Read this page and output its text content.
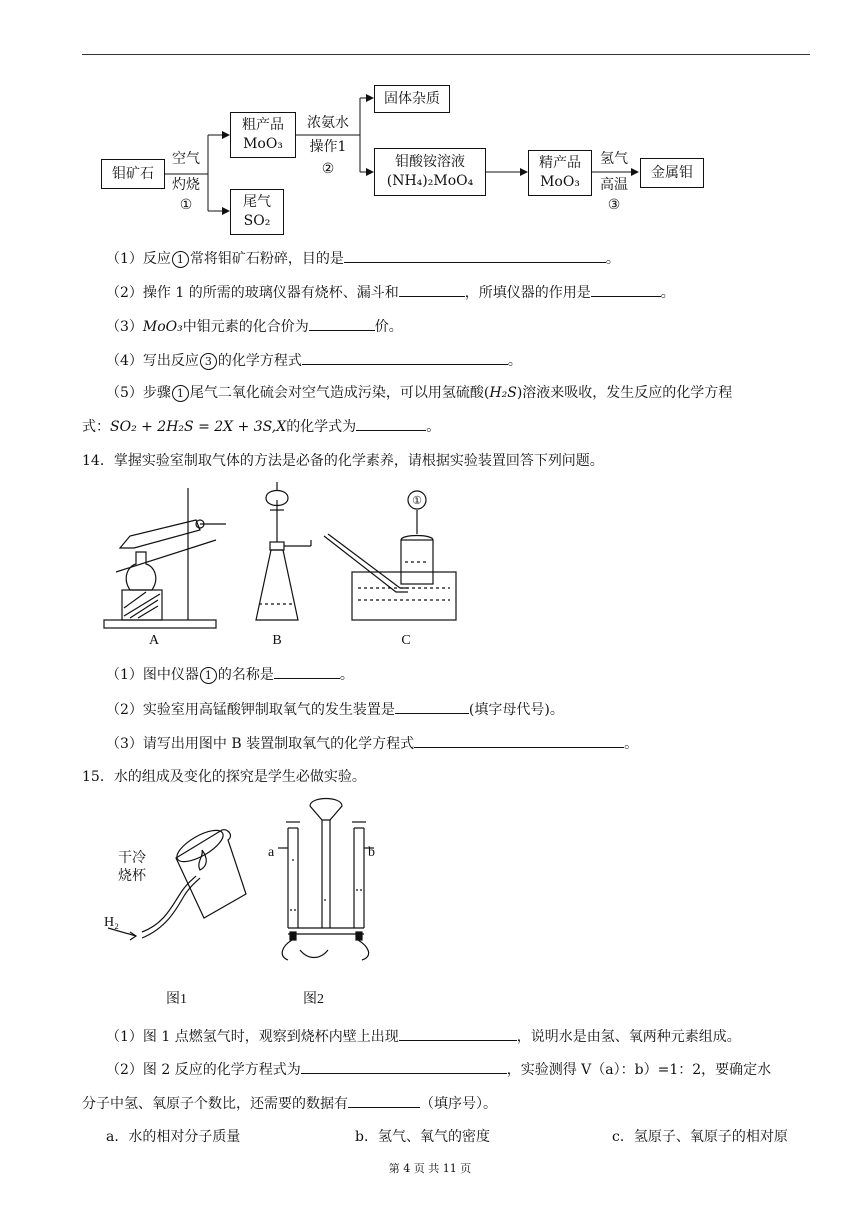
钼矿石
空气
灼烧
①
粗产品
MoO₃
尾气
SO₂
浓氨水
操作1
②
固体杂质
钼酸铵溶液
(NH₄)₂MoO₄
精产品
MoO₃
氢气
高温
③
金属钼
（1）反应 1 常将钼矿石粉碎，目的是	。
（2）操作 1 的所需的玻璃仪器有烧杯、漏斗和	，所填仪器的作用是	。
（3）MoO₃中钼元素的化合价为	价。
（4）写出反应 3 的化学方程式	。
（5）步骤 1 尾气二氧化硫会对空气造成污染，可以用氢硫酸(H₂S)溶液来吸收，发生反应的化学方程
式：SO₂ + 2H₂S = 2X + 3S,X的化学式为	。
14．掌握实验室制取气体的方法是必备的化学素养，请根据实验装置回答下列问题。
①
A	B	C
（1）图中仪器 1 的名称是	。
（2）实验室用高锰酸钾制取氧气的发生装置是	(填字母代号)。
（3）请写出用图中 B 装置制取氧气的化学方程式	。
15．水的组成及变化的探究是学生必做实验。
干冷
烧杯
H₂
a	b
图1	图2
（1）图 1 点燃氢气时，观察到烧杯内壁上出现	，说明水是由氢、氧两种元素组成。
（2）图 2 反应的化学方程式为	，实验测得 V（a）：b）=1：2，要确定水
分子中氢、氧原子个数比，还需要的数据有	（填序号）。
a．水的相对分子质量	b．氢气、氧气的密度	c．氢原子、氧原子的相对原
第 4 页 共 11 页
